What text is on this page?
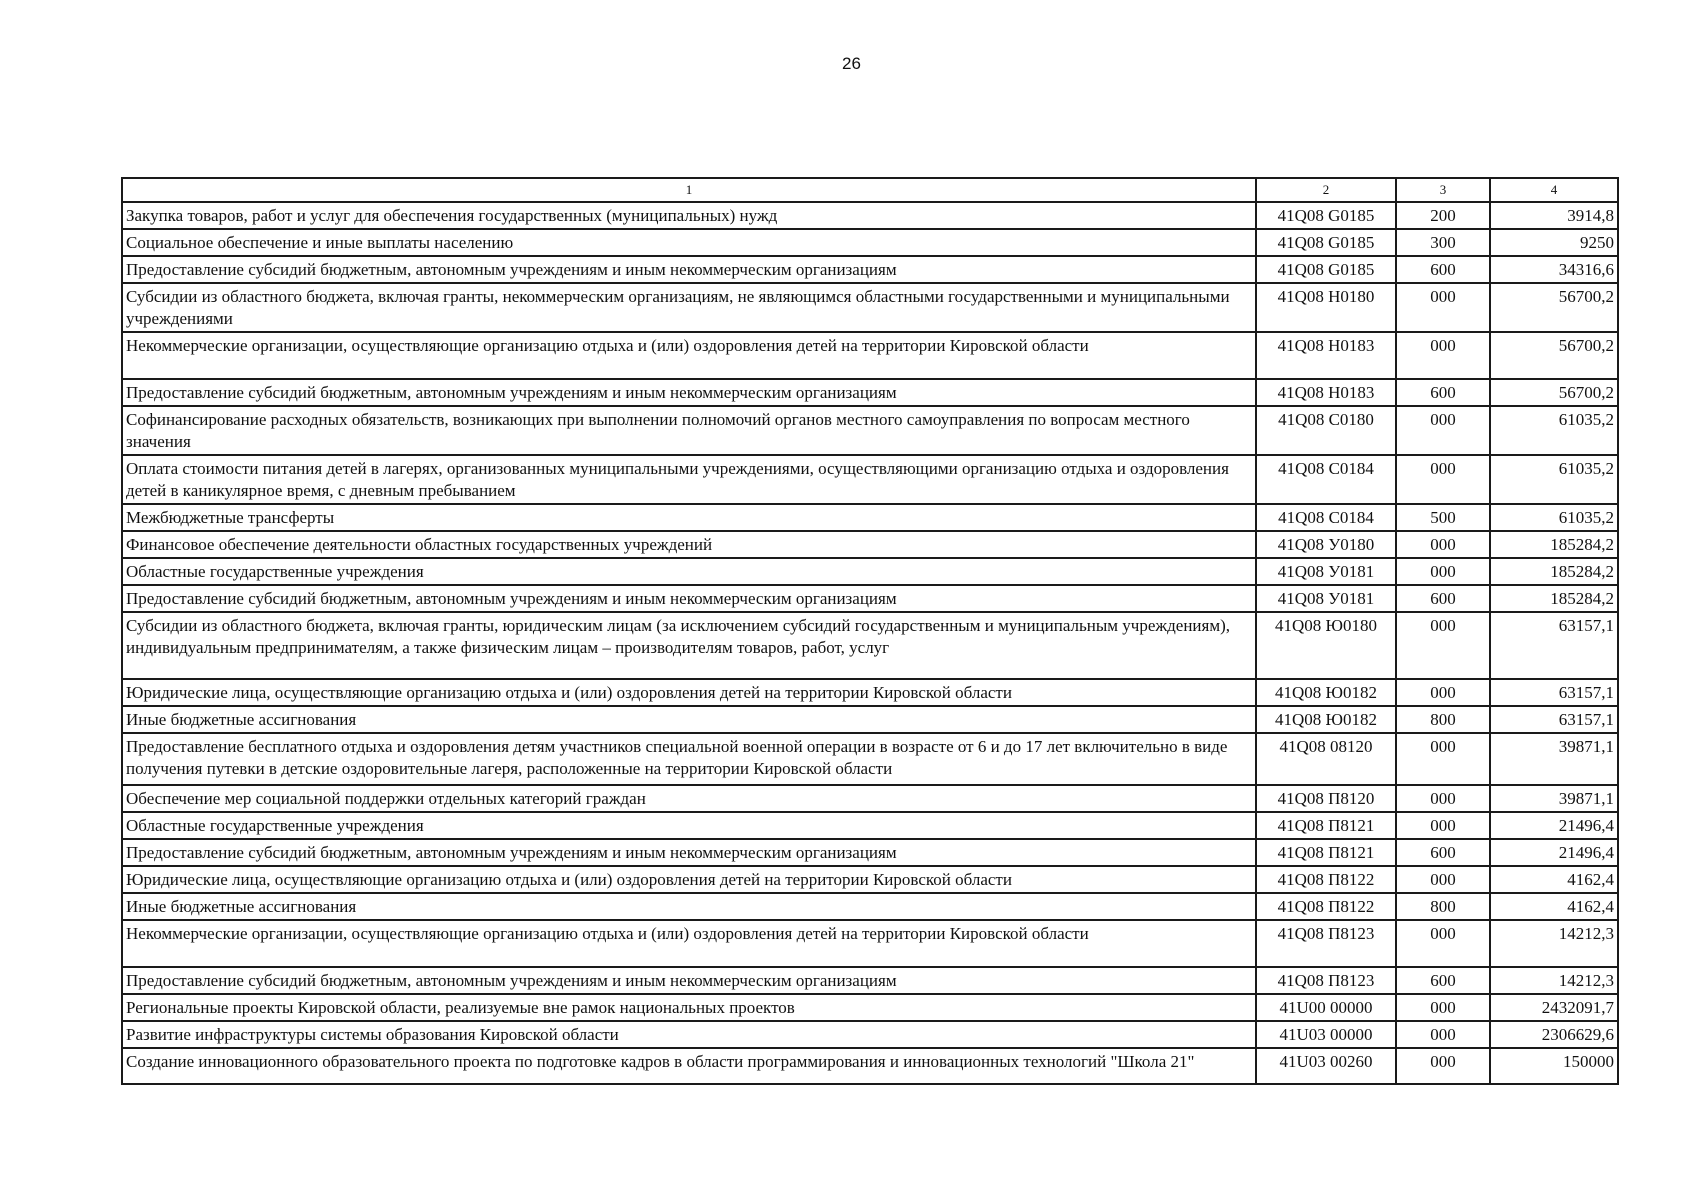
26
1	2	3	4
Закупка товаров, работ и услуг для обеспечения государственных (муниципальных) нужд	41Q08 G0185	200	3914,8
Социальное обеспечение и иные выплаты населению	41Q08 G0185	300	9250
Предоставление субсидий бюджетным, автономным учреждениям и иным некоммерческим организациям	41Q08 G0185	600	34316,6
Субсидии из областного бюджета, включая гранты, некоммерческим организациям, не являющимся областными государственными и муниципальными учреждениями	41Q08 H0180	000	56700,2
Некоммерческие организации, осуществляющие организацию отдыха и (или) оздоровления детей на территории Кировской области	41Q08 H0183	000	56700,2
Предоставление субсидий бюджетным, автономным учреждениям и иным некоммерческим организациям	41Q08 H0183	600	56700,2
Софинансирование расходных обязательств, возникающих при выполнении полномочий органов местного самоуправления по вопросам местного значения	41Q08 C0180	000	61035,2
Оплата стоимости питания детей в лагерях, организованных муниципальными учреждениями, осуществляющими организацию отдыха и оздоровления детей в каникулярное время, с дневным пребыванием	41Q08 C0184	000	61035,2
Межбюджетные трансферты	41Q08 C0184	500	61035,2
Финансовое обеспечение деятельности областных государственных учреждений	41Q08 У0180	000	185284,2
Областные государственные учреждения	41Q08 У0181	000	185284,2
Предоставление субсидий бюджетным, автономным учреждениям и иным некоммерческим организациям	41Q08 У0181	600	185284,2
Субсидии из областного бюджета, включая гранты, юридическим лицам (за исключением субсидий государственным и муниципальным учреждениям), индивидуальным предпринимателям, а также физическим лицам – производителям товаров, работ, услуг	41Q08 Ю0180	000	63157,1
Юридические лица, осуществляющие организацию отдыха и (или) оздоровления детей на территории Кировской области	41Q08 Ю0182	000	63157,1
Иные бюджетные ассигнования	41Q08 Ю0182	800	63157,1
Предоставление бесплатного отдыха и оздоровления детям участников специальной военной операции в возрасте от 6 и до 17 лет включительно в виде получения путевки в детские оздоровительные лагеря, расположенные на территории Кировской области	41Q08 08120	000	39871,1
Обеспечение мер социальной поддержки отдельных категорий граждан	41Q08 П8120	000	39871,1
Областные государственные учреждения	41Q08 П8121	000	21496,4
Предоставление субсидий бюджетным, автономным учреждениям и иным некоммерческим организациям	41Q08 П8121	600	21496,4
Юридические лица, осуществляющие организацию отдыха и (или) оздоровления детей на территории Кировской области	41Q08 П8122	000	4162,4
Иные бюджетные ассигнования	41Q08 П8122	800	4162,4
Некоммерческие организации, осуществляющие организацию отдыха и (или) оздоровления детей на территории Кировской области	41Q08 П8123	000	14212,3
Предоставление субсидий бюджетным, автономным учреждениям и иным некоммерческим организациям	41Q08 П8123	600	14212,3
Региональные проекты Кировской области, реализуемые вне рамок национальных проектов	41U00 00000	000	2432091,7
Развитие инфраструктуры системы образования Кировской области	41U03 00000	000	2306629,6
Создание инновационного образовательного проекта по подготовке кадров в области программирования и инновационных технологий "Школа 21"	41U03 00260	000	150000
